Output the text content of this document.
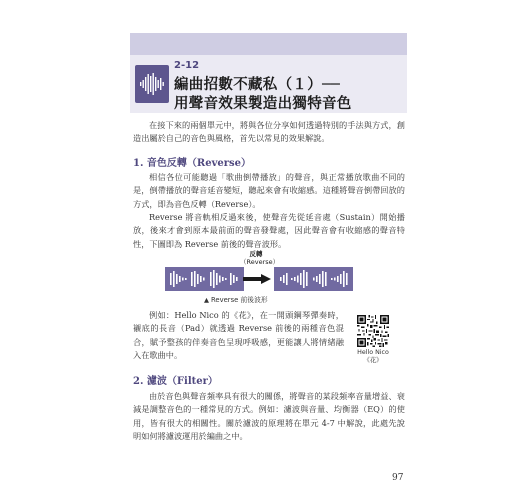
2-12
編曲招數不藏私（１）──
用聲音效果製造出獨特音色

在接下來的兩個單元中，將與各位分享如何透過特別的手法與方式，創造出屬於自己的音色與風格，首先以常見的效果解說。

1. 音色反轉（Reverse）

相信各位可能聽過「歌曲倒帶播放」的聲音，與正常播放歌曲不同的是，倒帶播放的聲音延音變短，聽起來會有收縮感。這種將聲音倒帶回放的方式，即為音色反轉（Reverse）。

Reverse 將音軌相反過來後，使聲音先從延音處（Sustain）開始播放，後來才會到原本最前面的聲音發聲處，因此聲音會有收縮感的聲音特性，下圖即為 Reverse 前後的聲音波形。

反轉
（Reverse）
▲ Reverse 前後波形

例如：Hello Nico 的《花》，在一開頭鋼琴彈奏時，襯底的長音（Pad）就透過 Reverse 前後的兩種音色混合，賦予整孩的伴奏音色呈現呼吸感，更能讓人將情緒融入在歌曲中。	Hello Nico
《花》

2. 濾波（Filter）

由於音色與聲音頻率具有很大的關係，將聲音的某段頻率音量增益、衰減是調整音色的一種常見的方式。例如：濾波與音量、均衡器（EQ）的使用，皆有很大的相關性。關於濾波的原理將在單元 4-7 中解說，此處先說明如何將濾波運用於編曲之中。

97
